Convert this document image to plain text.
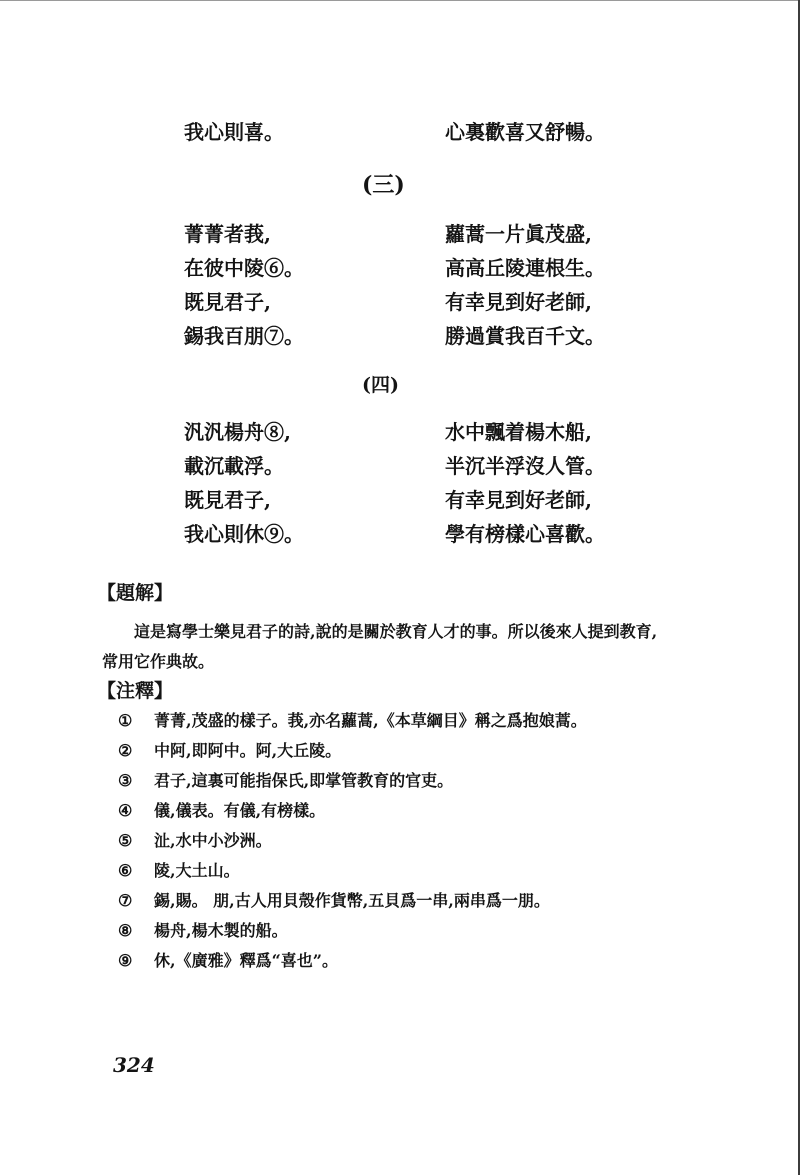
我心則喜。	心裏歡喜又舒暢。
(三)
菁菁者莪,
在彼中陵⑥。
既見君子,
錫我百朋⑦。
蘿蒿一片眞茂盛,
高高丘陵連根生。
有幸見到好老師,
勝過賞我百千文。
(四)
汎汎楊舟⑧,
載沉載浮。
既見君子,
我心則休⑨。
水中飄着楊木船,
半沉半浮沒人管。
有幸見到好老師,
學有榜樣心喜歡。
【題解】
這是寫學士樂見君子的詩,說的是關於教育人才的事。所以後來人提到教育,常用它作典故。
【注釋】
① 菁菁,茂盛的樣子。莪,亦名蘿蒿,《本草綱目》稱之爲抱娘蒿。
② 中阿,即阿中。阿,大丘陵。
③ 君子,這裏可能指保氏,即掌管教育的官吏。
④ 儀,儀表。有儀,有榜樣。
⑤ 沚,水中小沙洲。
⑥ 陵,大土山。
⑦ 錫,賜。 朋,古人用貝殼作貨幣,五貝爲一串,兩串爲一朋。
⑧ 楊舟,楊木製的船。
⑨ 休,《廣雅》釋爲“喜也”。
324
